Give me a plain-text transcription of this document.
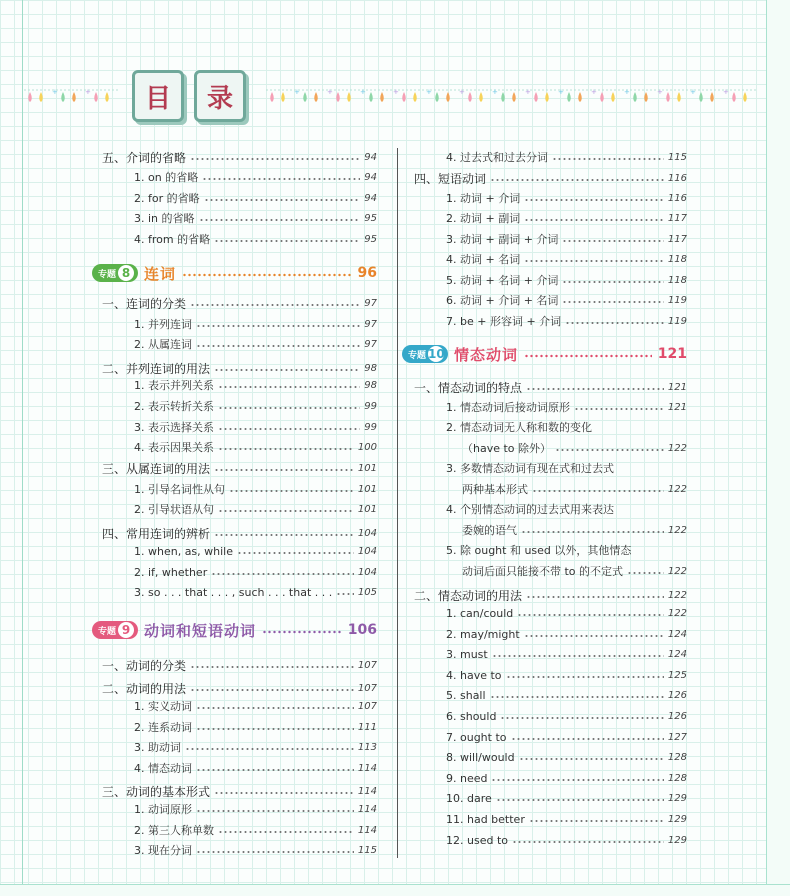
+	+	+	+	+	+	+	+	+	+	+	+	+	+	+	+
目	录
专题 8 连词	96
专题 9 动词和短语动词	106
专题 10 情态动词	121
五、介词的省略	94
1. on 的省略	94
2. for 的省略	94
3. in 的省略	95
4. from 的省略	95
一、连词的分类	97
1. 并列连词	97
2. 从属连词	97
二、并列连词的用法	98
1. 表示并列关系	98
2. 表示转折关系	99
3. 表示选择关系	99
4. 表示因果关系	100
三、从属连词的用法	101
1. 引导名词性从句	101
2. 引导状语从句	101
四、常用连词的辨析	104
1. when, as, while	104
2. if, whether	104
3. so . . . that . . . , such . . . that . . .	105
一、动词的分类	107
二、动词的用法	107
1. 实义动词	107
2. 连系动词	111
3. 助动词	113
4. 情态动词	114
三、动词的基本形式	114
1. 动词原形	114
2. 第三人称单数	114
3. 现在分词	115
4. 过去式和过去分词	115
四、短语动词	116
1. 动词 + 介词	116
2. 动词 + 副词	117
3. 动词 + 副词 + 介词	117
4. 动词 + 名词	118
5. 动词 + 名词 + 介词	118
6. 动词 + 介词 + 名词	119
7. be + 形容词 + 介词	119
一、情态动词的特点	121
1. 情态动词后接动词原形	121
2. 情态动词无人称和数的变化
（have to 除外）	122
3. 多数情态动词有现在式和过去式
两种基本形式	122
4. 个别情态动词的过去式用来表达
委婉的语气	122
5. 除 ought 和 used 以外，其他情态
动词后面只能接不带 to 的不定式	122
二、情态动词的用法	122
1. can/could	122
2. may/might	124
3. must	124
4. have to	125
5. shall	126
6. should	126
7. ought to	127
8. will/would	128
9. need	128
10. dare	129
11. had better	129
12. used to	129
